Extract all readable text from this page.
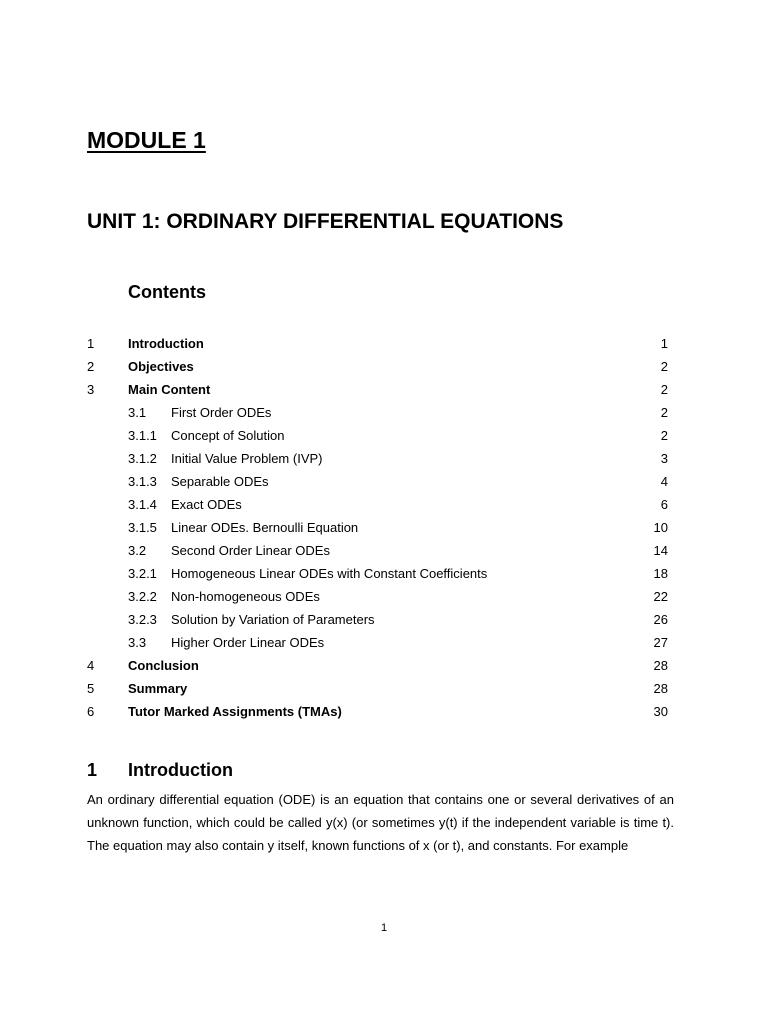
MODULE 1
UNIT 1: ORDINARY DIFFERENTIAL EQUATIONS
Contents
1	Introduction	1
2	Objectives	2
3	Main Content	2
3.1 First Order ODEs	2
3.1.1 Concept of Solution	2
3.1.2 Initial Value Problem (IVP)	3
3.1.3 Separable ODEs	4
3.1.4 Exact ODEs	6
3.1.5 Linear ODEs. Bernoulli Equation	10
3.2 Second Order Linear ODEs	14
3.2.1 Homogeneous Linear ODEs with Constant Coefficients	18
3.2.2 Non-homogeneous ODEs	22
3.2.3 Solution by Variation of Parameters	26
3.3 Higher Order Linear ODEs	27
4	Conclusion	28
5	Summary	28
6	Tutor Marked Assignments (TMAs)	30
1 Introduction

An ordinary differential equation (ODE) is an equation that contains one or several derivatives of an unknown function, which could be called y(x) (or sometimes y(t) if the independent variable is time t). The equation may also contain y itself, known functions of x (or t), and constants. For example

1
